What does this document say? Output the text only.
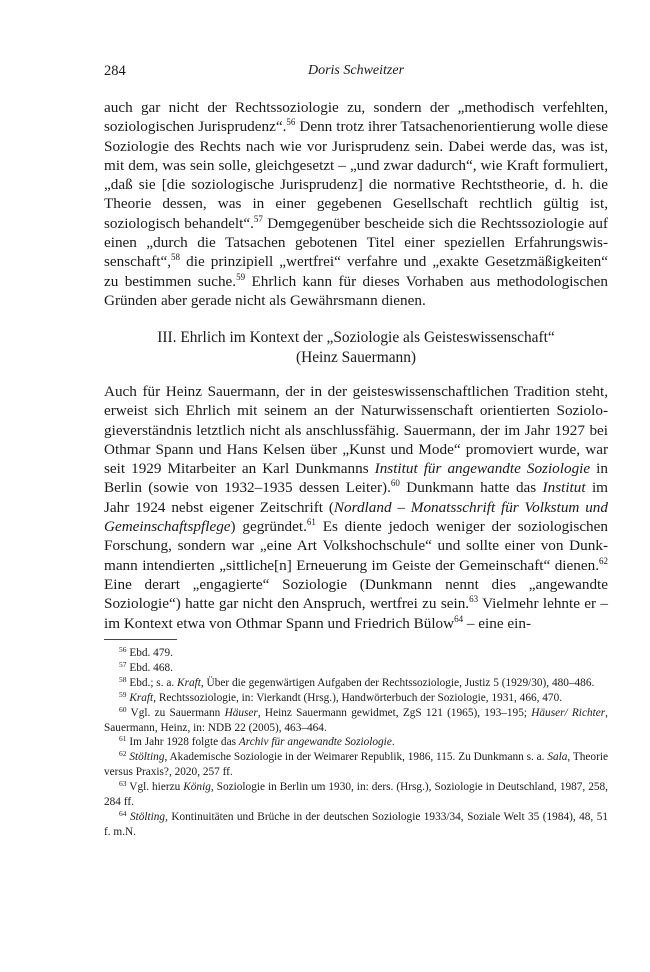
284	Doris Schweitzer

auch gar nicht der Rechtssoziologie zu, sondern der „methodisch verfehlten, soziologischen Jurisprudenz“.$^{56}$ Denn trotz ihrer Tatsachenorientierung wolle diese Soziologie des Rechts nach wie vor Jurisprudenz sein. Dabei werde das, was ist, mit dem, was sein solle, gleichgesetzt – „und zwar dadurch“, wie Kraft formuliert, „daß sie [die soziologische Jurisprudenz] die normative Rechtstheorie, d. h. die Theorie dessen, was in einer gegebenen Gesellschaft rechtlich gültig ist, soziologisch behandelt“.$^{57}$ Demgegenüber bescheide sich die Rechtssoziologie auf einen „durch die Tatsachen gebotenen Titel einer speziellen Erfahrungswissenschaft“,$^{58}$ die prinzipiell „wertfrei“ verfahre und „exakte Gesetzmäßigkeiten“ zu bestimmen suche.$^{59}$ Ehrlich kann für dieses Vorhaben aus methodologischen Gründen aber gerade nicht als Gewährsmann dienen.

III. Ehrlich im Kontext der „Soziologie als Geisteswissenschaft“
(Heinz Sauermann)

Auch für Heinz Sauermann, der in der geisteswissenschaftlichen Tradition steht, erweist sich Ehrlich mit seinem an der Naturwissenschaft orientierten Soziologieverständnis letztlich nicht als anschlussfähig. Sauermann, der im Jahr 1927 bei Othmar Spann und Hans Kelsen über „Kunst und Mode“ promoviert wurde, war seit 1929 Mitarbeiter an Karl Dunkmanns Institut für angewandte Soziologie in Berlin (sowie von 1932–1935 dessen Leiter).$^{60}$ Dunkmann hatte das Institut im Jahr 1924 nebst eigener Zeitschrift (Nordland – Monatsschrift für Volkstum und Gemeinschaftspflege) gegründet.$^{61}$ Es diente jedoch weniger der soziologischen Forschung, sondern war „eine Art Volkshochschule“ und sollte einer von Dunkmann intendierten „sittliche[n] Erneuerung im Geiste der Gemeinschaft“ dienen.$^{62}$ Eine derart „engagierte“ Soziologie (Dunkmann nennt dies „angewandte Soziologie“) hatte gar nicht den Anspruch, wertfrei zu sein.$^{63}$ Vielmehr lehnte er – im Kontext etwa von Othmar Spann und Friedrich Bülow$^{64}$ – eine ein-

$^{56}$ Ebd. 479.

$^{57}$ Ebd. 468.

$^{58}$ Ebd.; s. a. Kraft, Über die gegenwärtigen Aufgaben der Rechtssoziologie, Justiz 5 (1929/30), 480–486.

$^{59}$ Kraft, Rechtssoziologie, in: Vierkandt (Hrsg.), Handwörterbuch der Soziologie, 1931, 466, 470.

$^{60}$ Vgl. zu Sauermann Häuser, Heinz Sauermann gewidmet, ZgS 121 (1965), 193–195; Häuser/ Richter, Sauermann, Heinz, in: NDB 22 (2005), 463–464.

$^{61}$ Im Jahr 1928 folgte das Archiv für angewandte Soziologie.

$^{62}$ Stölting, Akademische Soziologie in der Weimarer Republik, 1986, 115. Zu Dunkmann s. a. Sala, Theorie versus Praxis?, 2020, 257 ff.

$^{63}$ Vgl. hierzu König, Soziologie in Berlin um 1930, in: ders. (Hrsg.), Soziologie in Deutschland, 1987, 258, 284 ff.

$^{64}$ Stölting, Kontinuitäten und Brüche in der deutschen Soziologie 1933/34, Soziale Welt 35 (1984), 48, 51 f. m.N.
